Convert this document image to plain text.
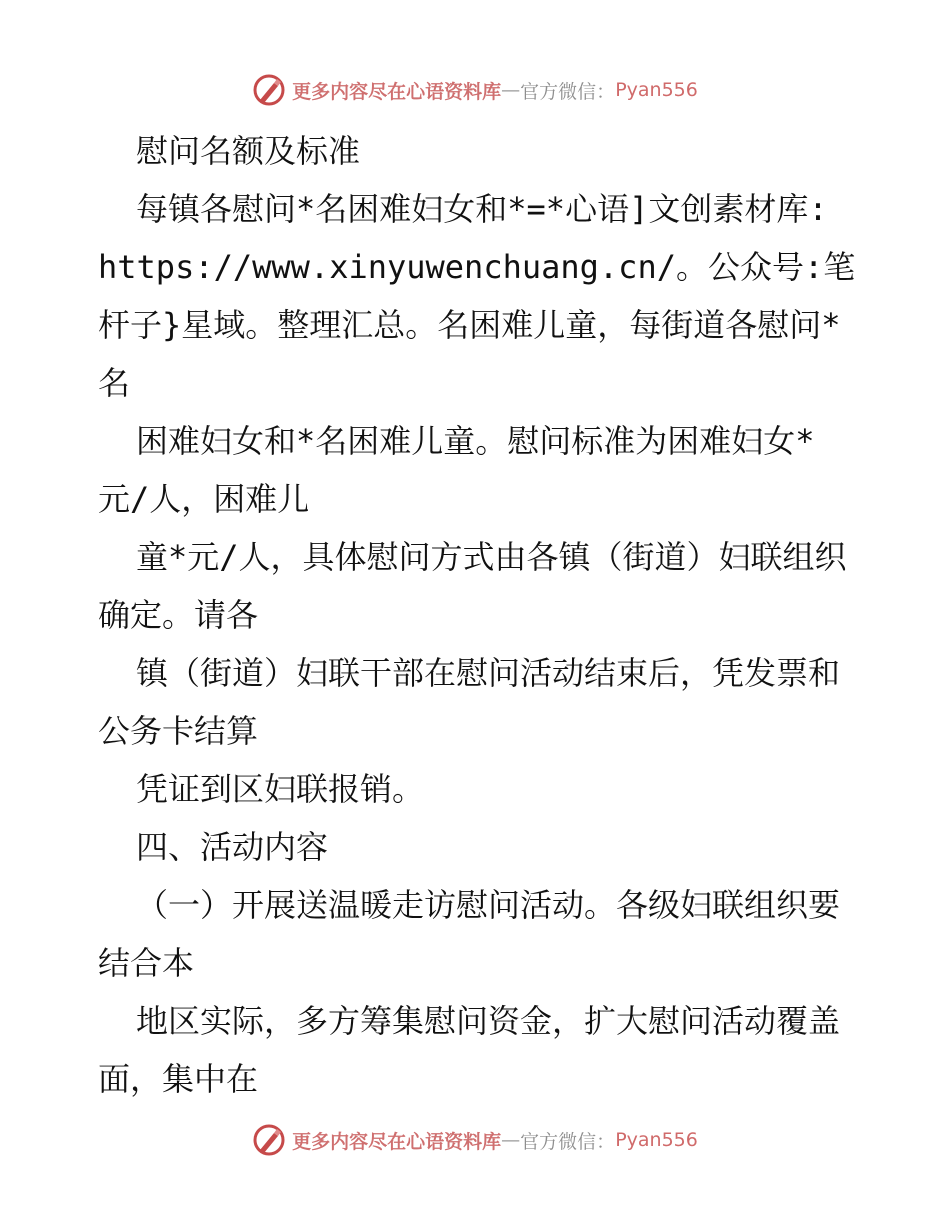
更多内容尽在心语资料库 — 官方微信： Pyan556

慰问名额及标准

每镇各慰问*名困难妇女和*=*心语]文创素材库: https://www.xinyuwenchuang.cn/。公众号:笔杆子}星域。整理汇总。名困难儿童，每街道各慰问*名

困难妇女和*名困难儿童。慰问标准为困难妇女*元/人，困难儿

童*元/人，具体慰问方式由各镇（街道）妇联组织确定。请各

镇（街道）妇联干部在慰问活动结束后，凭发票和公务卡结算

凭证到区妇联报销。

四、活动内容

（一）开展送温暖走访慰问活动。各级妇联组织要结合本

地区实际，多方筹集慰问资金，扩大慰问活动覆盖面，集中在

更多内容尽在心语资料库 — 官方微信： Pyan556
